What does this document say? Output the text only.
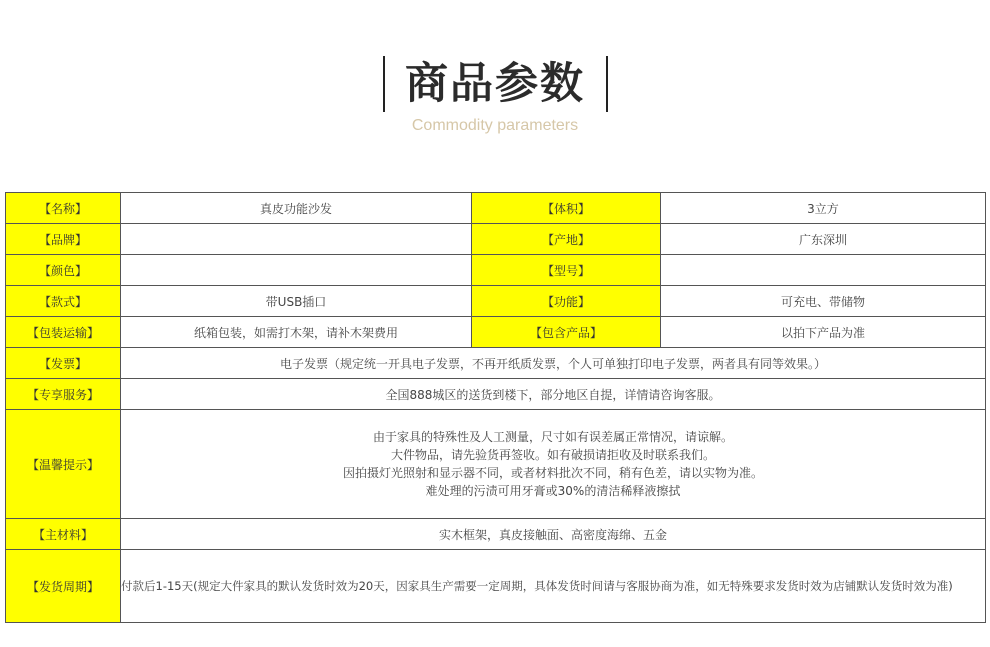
商品参数
Commodity parameters
【名称】	真皮功能沙发	【体积】	3立方
【品牌】		【产地】	广东深圳
【颜色】		【型号】	
【款式】	带USB插口	【功能】	可充电、带储物
【包装运输】	纸箱包装，如需打木架，请补木架费用	【包含产品】	以拍下产品为准
【发票】	电子发票（规定统一开具电子发票，不再开纸质发票，个人可单独打印电子发票，两者具有同等效果。）		
【专享服务】	全国888城区的送货到楼下，部分地区自提，详情请咨询客服。		
【温馨提示】	由于家具的特殊性及人工测量，尺寸如有误差属正常情况，请谅解。
大件物品，请先验货再签收。如有破损请拒收及时联系我们。
因拍摄灯光照射和显示器不同，或者材料批次不同，稍有色差，请以实物为准。
难处理的污渍可用牙膏或30%的清洁稀释液擦拭		

【主材料】	实木框架，真皮接触面、高密度海绵、五金		
【发货周期】	付款后1-15天(规定大件家具的默认发货时效为20天，因家具生产需要一定周期，具体发货时间请与客服协商为准，如无特殊要求发货时效为店铺默认发货时效为准)		
